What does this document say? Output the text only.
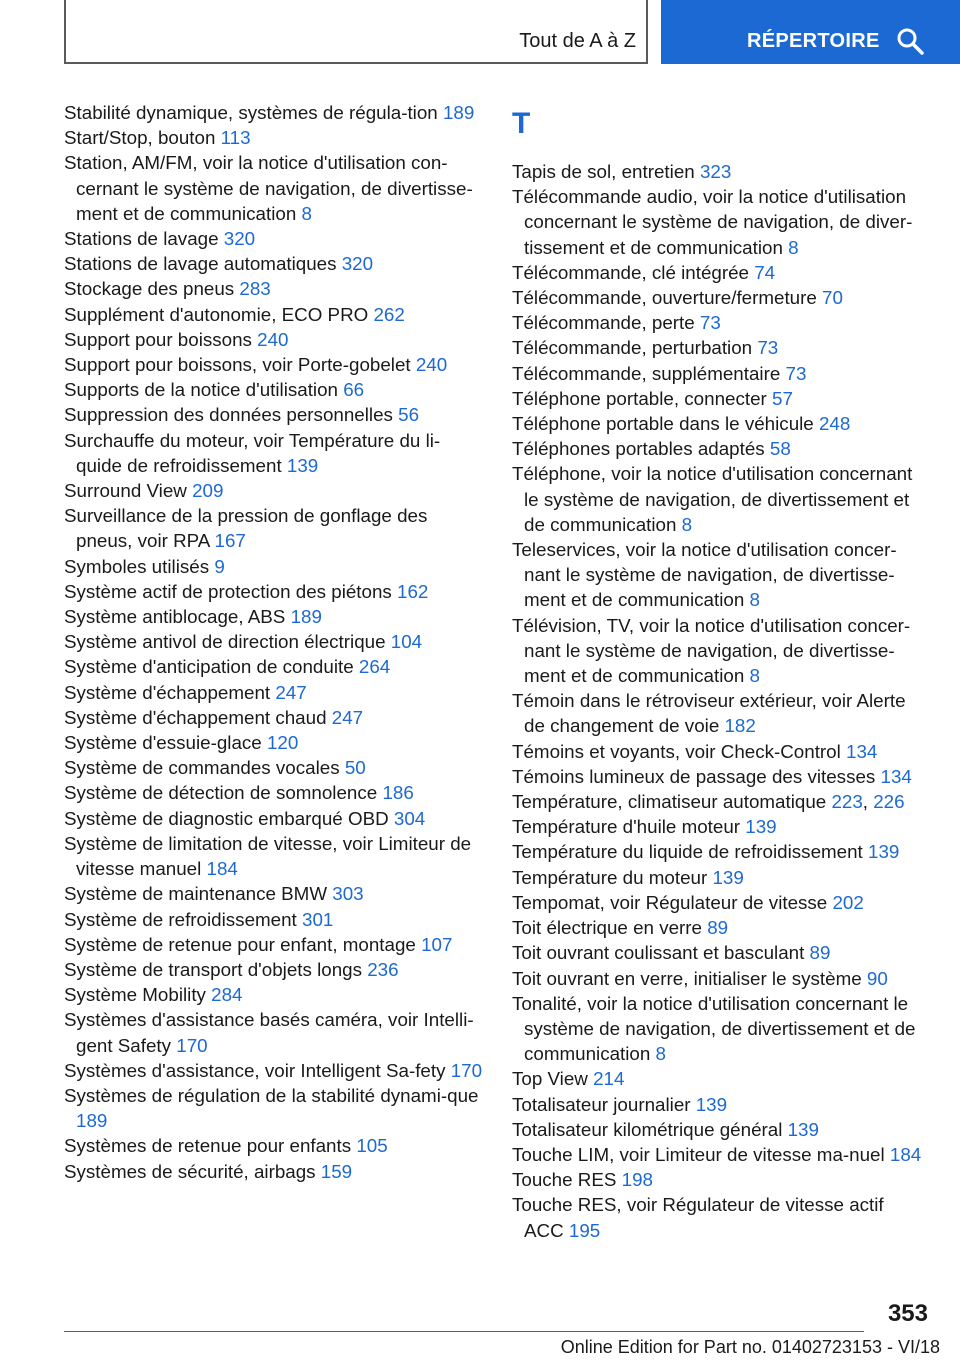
Tout de A à Z	RÉPERTOIRE
Stabilité dynamique, systèmes de régula‐tion 189
Start/Stop, bouton 113
Station, AM/FM, voir la notice d'utilisation con‐cernant le système de navigation, de divertisse‐ment et de communication 8
Stations de lavage 320
Stations de lavage automatiques 320
Stockage des pneus 283
Supplément d'autonomie, ECO PRO 262
Support pour boissons 240
Support pour boissons, voir Porte-gobelet 240
Supports de la notice d'utilisation 66
Suppression des données personnelles 56
Surchauffe du moteur, voir Température du li‐quide de refroidissement 139
Surround View 209
Surveillance de la pression de gonflage des pneus, voir RPA 167
Symboles utilisés 9
Système actif de protection des piétons 162
Système antiblocage, ABS 189
Système antivol de direction électrique 104
Système d'anticipation de conduite 264
Système d'échappement 247
Système d'échappement chaud 247
Système d'essuie-glace 120
Système de commandes vocales 50
Système de détection de somnolence 186
Système de diagnostic embarqué OBD 304
Système de limitation de vitesse, voir Limiteur de vitesse manuel 184
Système de maintenance BMW 303
Système de refroidissement 301
Système de retenue pour enfant, montage 107
Système de transport d'objets longs 236
Système Mobility 284
Systèmes d'assistance basés caméra, voir Intelli‐gent Safety 170
Systèmes d'assistance, voir Intelligent Sa‐fety 170
Systèmes de régulation de la stabilité dynami‐que 189
Systèmes de retenue pour enfants 105
Systèmes de sécurité, airbags 159
T
Tapis de sol, entretien 323
Télécommande audio, voir la notice d'utilisation concernant le système de navigation, de diver‐tissement et de communication 8
Télécommande, clé intégrée 74
Télécommande, ouverture/fermeture 70
Télécommande, perte 73
Télécommande, perturbation 73
Télécommande, supplémentaire 73
Téléphone portable, connecter 57
Téléphone portable dans le véhicule 248
Téléphones portables adaptés 58
Téléphone, voir la notice d'utilisation concernant le système de navigation, de divertissement et de communication 8
Teleservices, voir la notice d'utilisation concer‐nant le système de navigation, de divertisse‐ment et de communication 8
Télévision, TV, voir la notice d'utilisation concer‐nant le système de navigation, de divertisse‐ment et de communication 8
Témoin dans le rétroviseur extérieur, voir Alerte de changement de voie 182
Témoins et voyants, voir Check-Control 134
Témoins lumineux de passage des vitesses 134
Température, climatiseur automatique 223, 226
Température d'huile moteur 139
Température du liquide de refroidissement 139
Température du moteur 139
Tempomat, voir Régulateur de vitesse 202
Toit électrique en verre 89
Toit ouvrant coulissant et basculant 89
Toit ouvrant en verre, initialiser le système 90
Tonalité, voir la notice d'utilisation concernant le système de navigation, de divertissement et de communication 8
Top View 214
Totalisateur journalier 139
Totalisateur kilométrique général 139
Touche LIM, voir Limiteur de vitesse ma‐nuel 184
Touche RES 198
Touche RES, voir Régulateur de vitesse actif ACC 195
353
Online Edition for Part no. 01402723153 - VI/18
